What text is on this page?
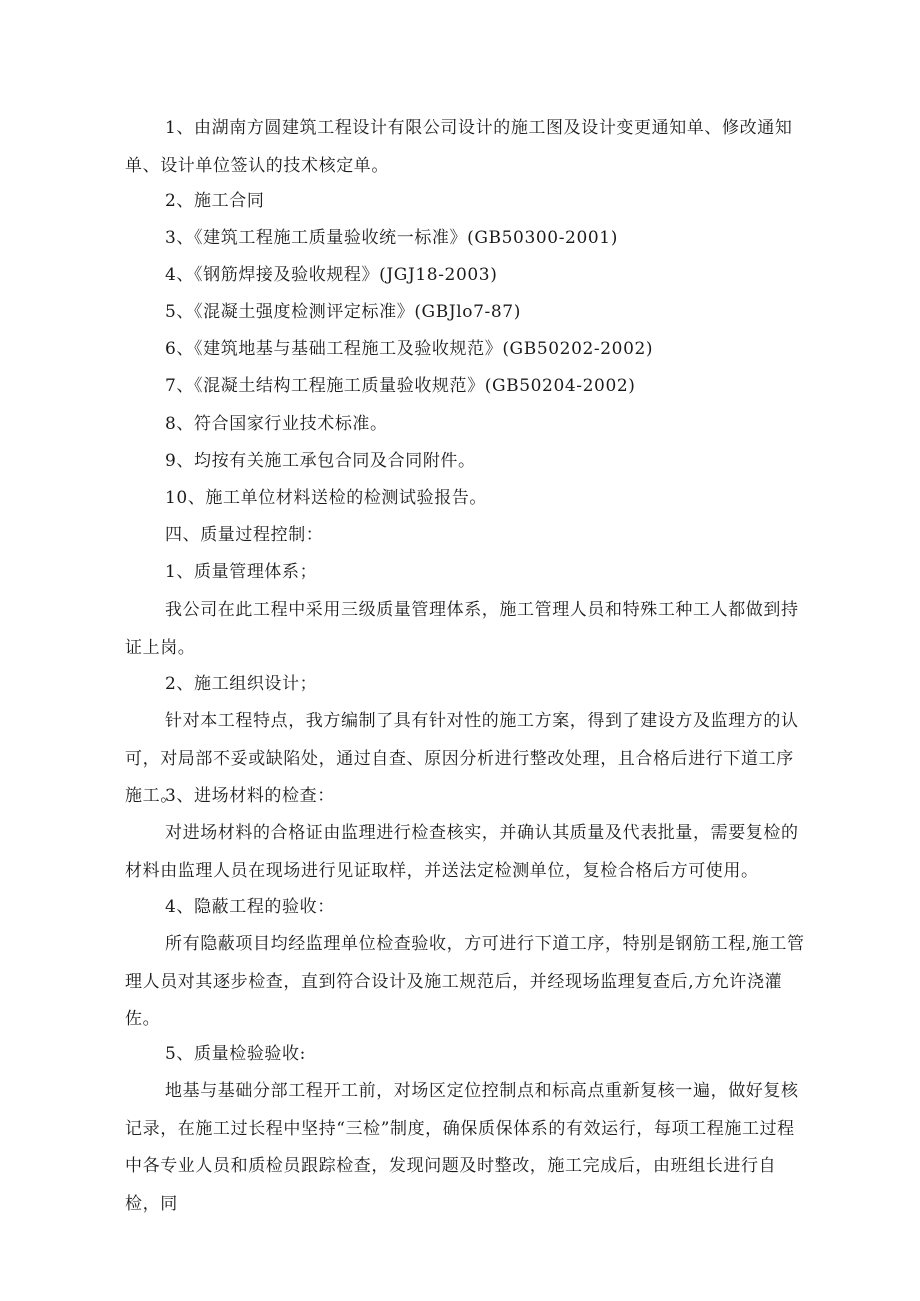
1、由湖南方圆建筑工程设计有限公司设计的施工图及设计变更通知单、修改通知单、设计单位签认的技术核定单。
2、施工合同
3、《建筑工程施工质量验收统一标准》(GB50300-2001)
4、《钢筋焊接及验收规程》(JGJ18-2003)
5、《混凝土强度检测评定标准》(GBJlo7-87)
6、《建筑地基与基础工程施工及验收规范》(GB50202-2002)
7、《混凝土结构工程施工质量验收规范》(GB50204-2002)
8、符合国家行业技术标准。
9、均按有关施工承包合同及合同附件。
10、施工单位材料送检的检测试验报告。
四、质量过程控制：
1、质量管理体系；
我公司在此工程中采用三级质量管理体系，施工管理人员和特殊工种工人都做到持证上岗。
2、施工组织设计；
针对本工程特点，我方编制了具有针对性的施工方案，得到了建设方及监理方的认可，对局部不妥或缺陷处，通过自查、原因分析进行整改处理，且合格后进行下道工序施工。
3、进场材料的检查：
对进场材料的合格证由监理进行检查核实，并确认其质量及代表批量，需要复检的材料由监理人员在现场进行见证取样，并送法定检测单位，复检合格后方可使用。
4、隐蔽工程的验收：
所有隐蔽项目均经监理单位检查验收，方可进行下道工序，特别是钢筋工程,施工管理人员对其逐步检查，直到符合设计及施工规范后，并经现场监理复查后,方允许浇灌佐。
5、质量检验验收:
地基与基础分部工程开工前，对场区定位控制点和标高点重新复核一遍，做好复核记录，在施工过长程中坚持“三检”制度，确保质保体系的有效运行，每项工程施工过程中各专业人员和质检员跟踪检查，发现问题及时整改，施工完成后，由班组长进行自检，同
